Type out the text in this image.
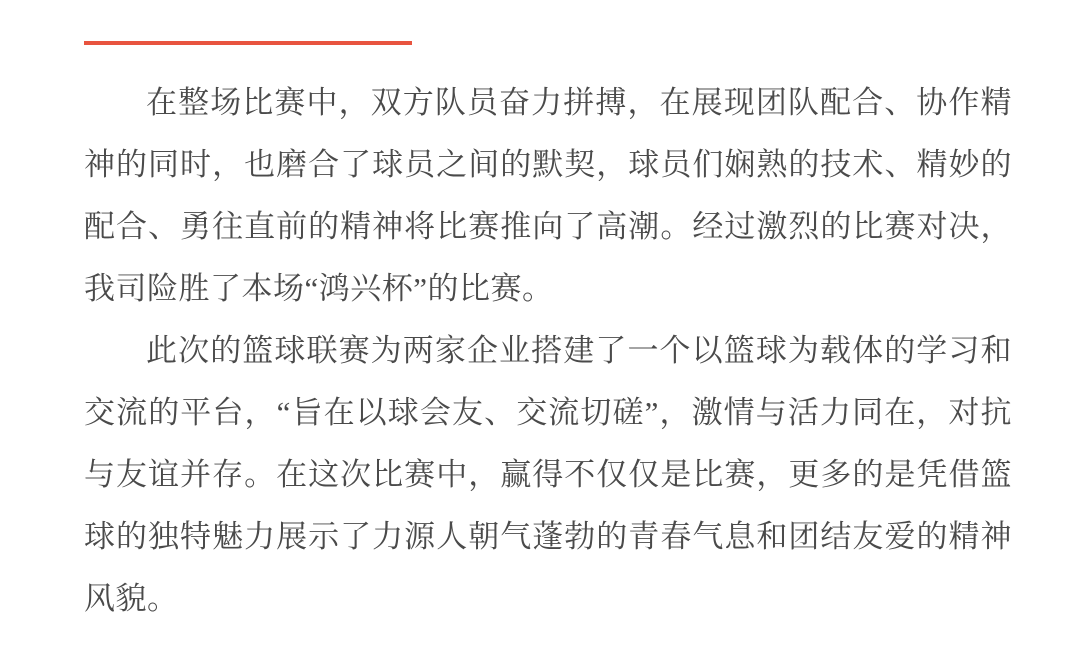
在整场比赛中，双方队员奋力拼搏，在展现团队配合、协作精神的同时，也磨合了球员之间的默契，球员们娴熟的技术、精妙的配合、勇往直前的精神将比赛推向了高潮。经过激烈的比赛对决，我司险胜了本场“鸿兴杯”的比赛。

此次的篮球联赛为两家企业搭建了一个以篮球为载体的学习和交流的平台，“旨在以球会友、交流切磋”，激情与活力同在，对抗与友谊并存。在这次比赛中，赢得不仅仅是比赛，更多的是凭借篮球的独特魅力展示了力源人朝气蓬勃的青春气息和团结友爱的精神风貌。
